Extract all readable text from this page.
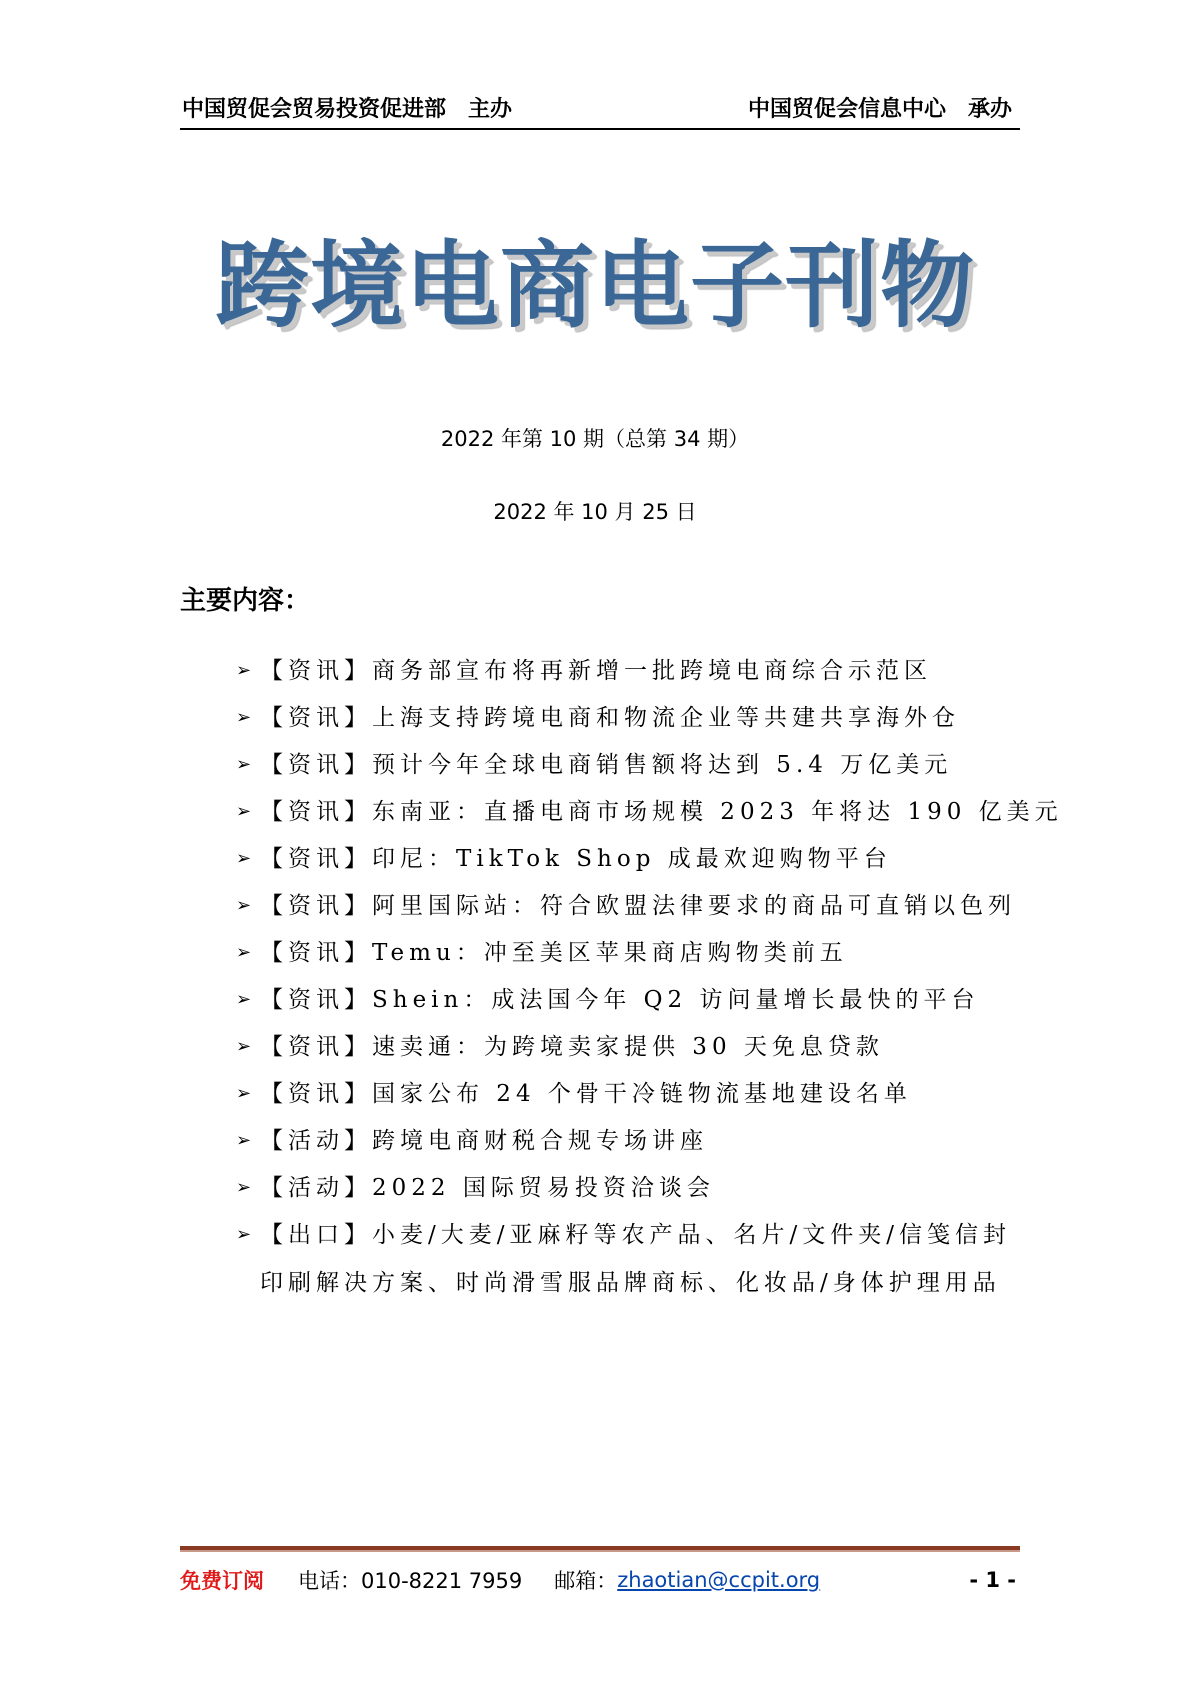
中国贸促会贸易投资促进部　主办	中国贸促会信息中心　承办
跨境电商电子刊物
2022 年第 10 期（总第 34 期）
2022 年 10 月 25 日
主要内容：
➢ 【资讯】商务部宣布将再新增一批跨境电商综合示范区
➢ 【资讯】上海支持跨境电商和物流企业等共建共享海外仓
➢ 【资讯】预计今年全球电商销售额将达到 5.4 万亿美元
➢ 【资讯】东南亚：直播电商市场规模 2023 年将达 190 亿美元
➢ 【资讯】印尼：TikTok Shop 成最欢迎购物平台
➢ 【资讯】阿里国际站：符合欧盟法律要求的商品可直销以色列
➢ 【资讯】Temu：冲至美区苹果商店购物类前五
➢ 【资讯】Shein：成法国今年 Q2 访问量增长最快的平台
➢ 【资讯】速卖通：为跨境卖家提供 30 天免息贷款
➢ 【资讯】国家公布 24 个骨干冷链物流基地建设名单
➢ 【活动】跨境电商财税合规专场讲座
➢ 【活动】2022 国际贸易投资洽谈会
➢ 【出口】小麦/大麦/亚麻籽等农产品、名片/文件夹/信笺信封印刷解决方案、时尚滑雪服品牌商标、化妆品/身体护理用品
免费订阅	电话：010-8221 7959 邮箱： zhaotian@ccpit.org	- 1 -
